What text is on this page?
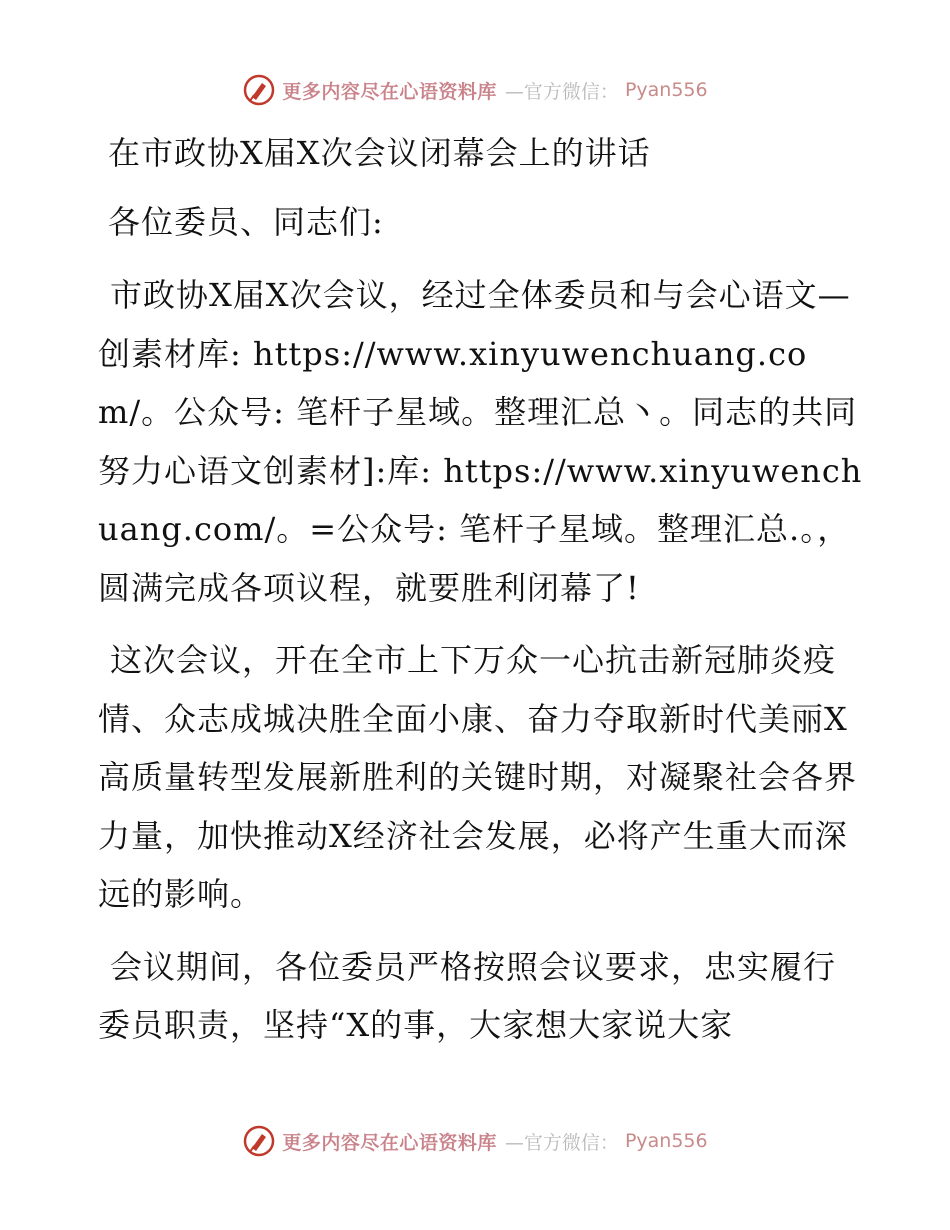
更多内容尽在心语资料库 —官方微信： Pyan556

在市政协X届X次会议闭幕会上的讲话

各位委员、同志们:

市政协X届X次会议，经过全体委员和与会心语文—创素材库: https://www.xinyuwenchuang.com/。公众号: 笔杆子星域。整理汇总丶。同志的共同努力心语文创素材]:库: https://www.xinyuwenchuang.com/。=公众号: 笔杆子星域。整理汇总.。，圆满完成各项议程，就要胜利闭幕了!

这次会议，开在全市上下万众一心抗击新冠肺炎疫情、众志成城决胜全面小康、奋力夺取新时代美丽X高质量转型发展新胜利的关键时期，对凝聚社会各界力量，加快推动X经济社会发展，必将产生重大而深远的影响。

会议期间，各位委员严格按照会议要求，忠实履行委员职责，坚持“X的事，大家想大家说大家

更多内容尽在心语资料库 —官方微信： Pyan556
